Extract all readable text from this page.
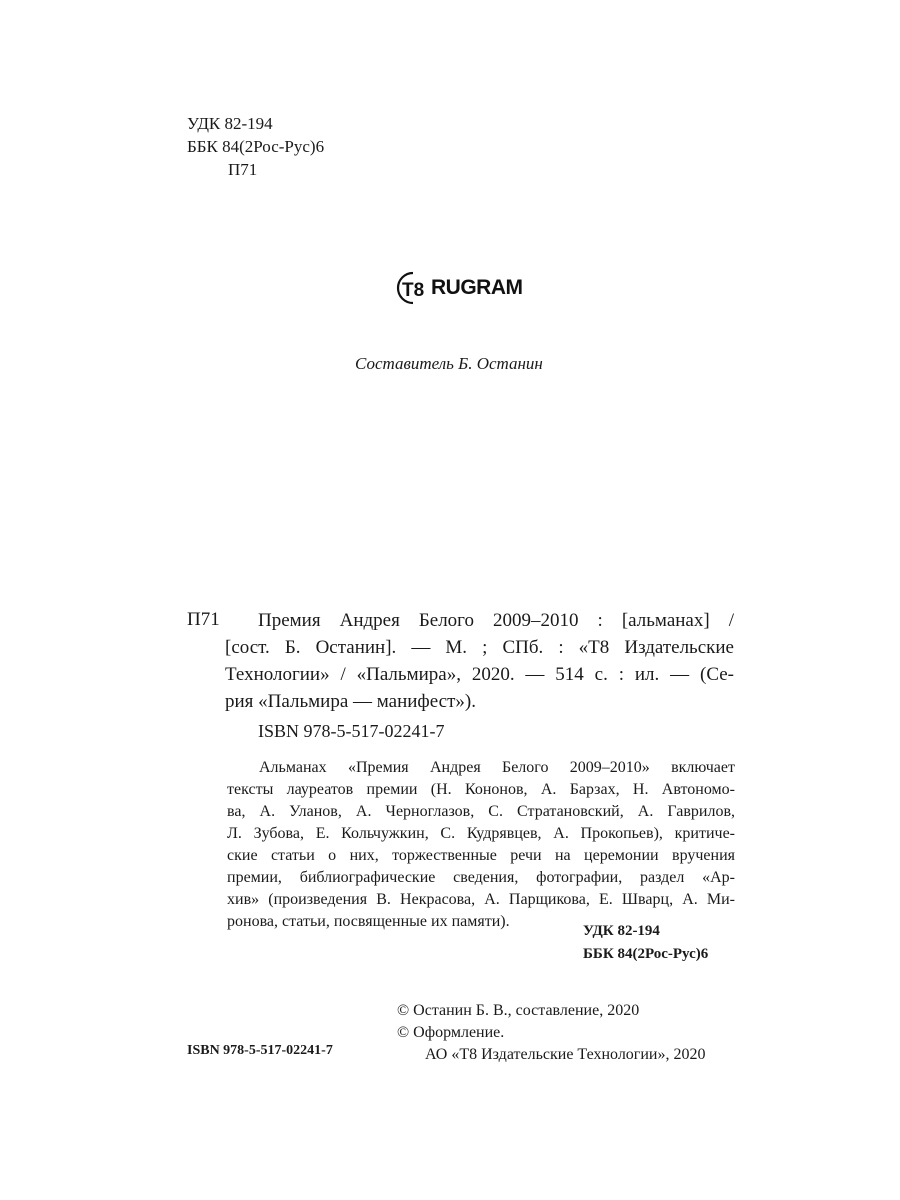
УДК 82-194
ББК 84(2Рос-Рус)6
П71
T8 RUGRAM
Составитель Б. Останин
П71 Премия Андрея Белого 2009–2010 : [альманах] /
[сост. Б. Останин]. — М. ; СПб. : «Т8 Издательские
Технологии» / «Пальмира», 2020. — 514 с. : ил. — (Се-
рия «Пальмира — манифест»).
ISBN 978-5-517-02241-7
Альманах «Премия Андрея Белого 2009–2010» включает
тексты лауреатов премии (Н. Кононов, А. Барзах, Н. Автономо-
ва, А. Уланов, А. Черноглазов, С. Стратановский, А. Гаврилов,
Л. Зубова, Е. Кольчужкин, С. Кудрявцев, А. Прокопьев), критиче-
ские статьи о них, торжественные речи на церемонии вручения
премии, библиографические сведения, фотографии, раздел «Ар-
хив» (произведения В. Некрасова, А. Парщикова, Е. Шварц, А. Ми-
ронова, статьи, посвященные их памяти).
УДК 82-194
ББК 84(2Рос-Рус)6
© Останин Б. В., составление, 2020
© Оформление.
АО «Т8 Издательские Технологии», 2020
ISBN 978-5-517-02241-7
